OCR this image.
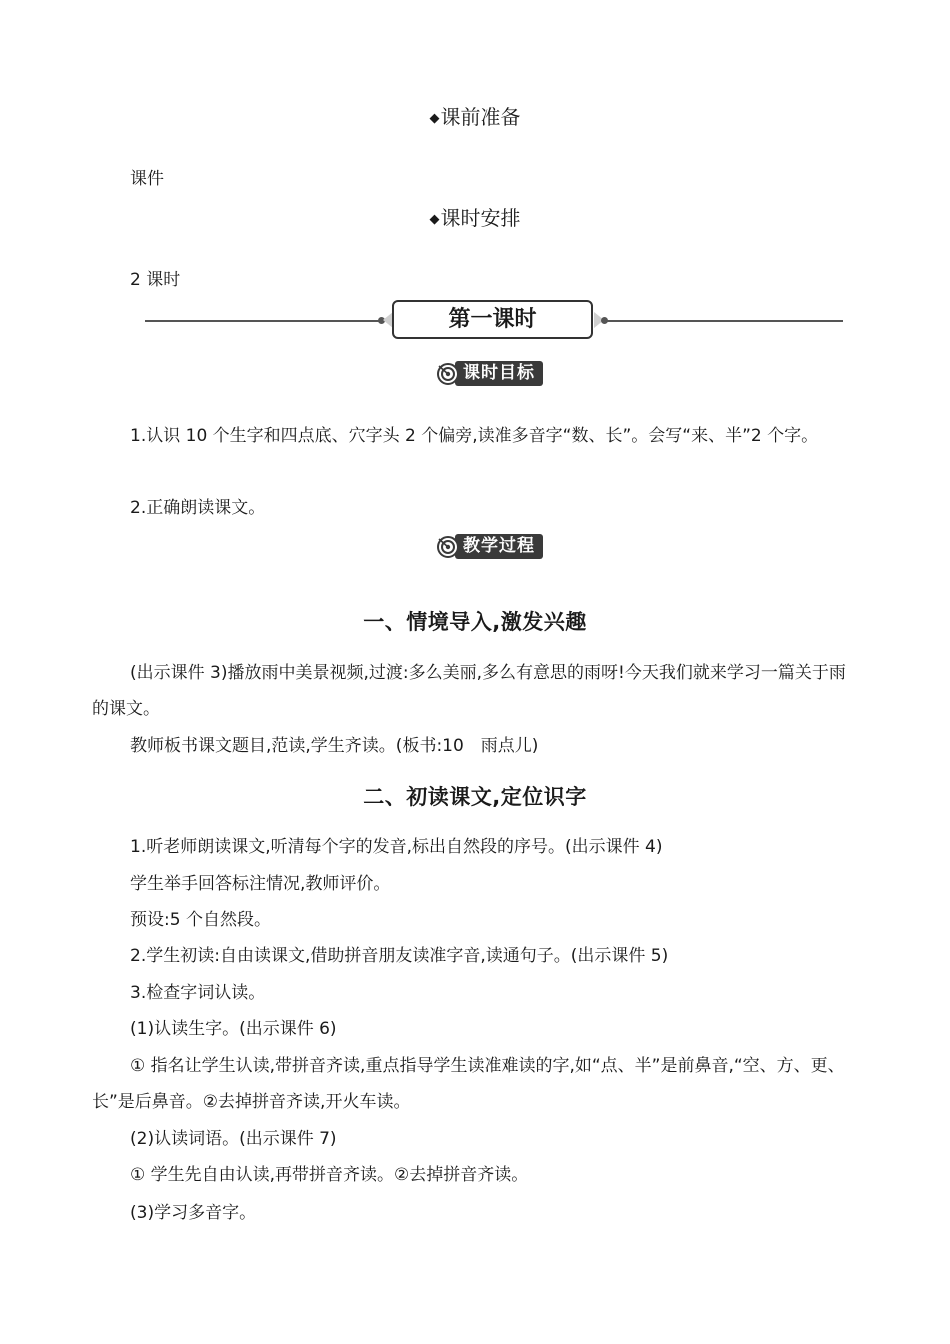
◆课前准备
课件
◆课时安排
2 课时
第一课时
课时目标
1.认识 10 个生字和四点底、穴字头 2 个偏旁,读准多音字“数、长”。会写“来、半”2 个字。
2.正确朗读课文。
教学过程
一、情境导入,激发兴趣
(出示课件 3)播放雨中美景视频,过渡:多么美丽,多么有意思的雨呀!今天我们就来学习一篇关于雨的课文。
教师板书课文题目,范读,学生齐读。(板书:10　雨点儿)
二、初读课文,定位识字
1.听老师朗读课文,听清每个字的发音,标出自然段的序号。(出示课件 4)
学生举手回答标注情况,教师评价。
预设:5 个自然段。
2.学生初读:自由读课文,借助拼音朋友读准字音,读通句子。(出示课件 5)
3.检查字词认读。
(1)认读生字。(出示课件 6)
① 指名让学生认读,带拼音齐读,重点指导学生读准难读的字,如“点、半”是前鼻音,“空、方、更、长”是后鼻音。②去掉拼音齐读,开火车读。
(2)认读词语。(出示课件 7)
① 学生先自由认读,再带拼音齐读。②去掉拼音齐读。
(3)学习多音字。
